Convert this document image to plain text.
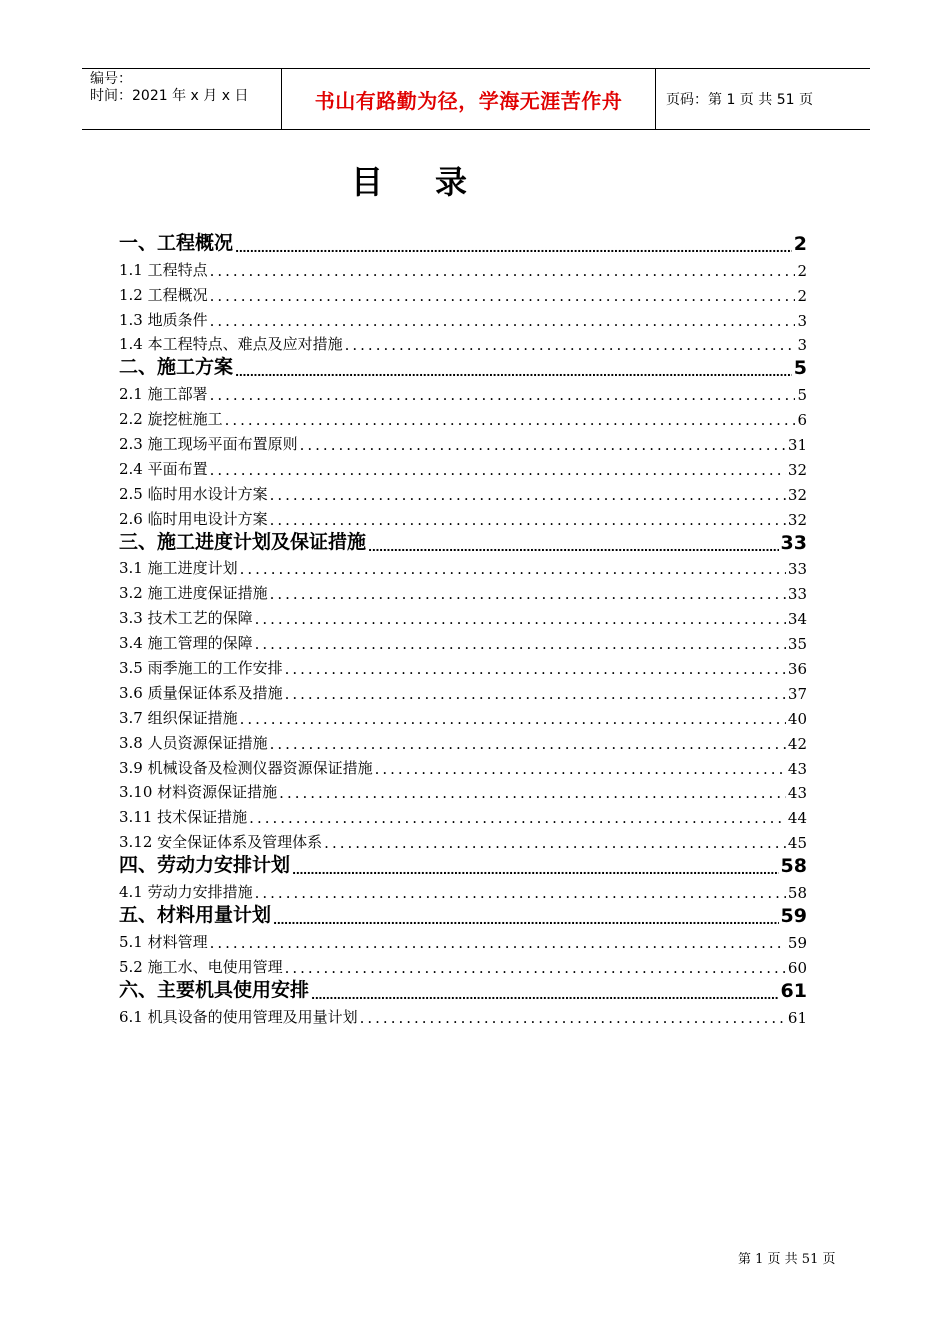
编号：
时间：2021 年 x 月 x 日	书山有路勤为径，学海无涯苦作舟	页码：第 1 页 共 51 页
目录
一、工程概况 .....	2
1.1 工程特点 .....	2
1.2 工程概况 .....	2
1.3 地质条件 .....	3
1.4 本工程特点、难点及应对措施 .....	3
二、施工方案 .....	5
2.1 施工部署 .....	5
2.2 旋挖桩施工 .....	6
2.3 施工现场平面布置原则 .....	31
2.4 平面布置 .....	32
2.5 临时用水设计方案 .....	32
2.6 临时用电设计方案 .....	32
三、施工进度计划及保证措施 .....	33
3.1 施工进度计划 .....	33
3.2 施工进度保证措施 .....	33
3.3 技术工艺的保障 .....	34
3.4 施工管理的保障 .....	35
3.5 雨季施工的工作安排 .....	36
3.6 质量保证体系及措施 .....	37
3.7 组织保证措施 .....	40
3.8 人员资源保证措施 .....	42
3.9 机械设备及检测仪器资源保证措施 .....	43
3.10 材料资源保证措施 .....	43
3.11 技术保证措施 .....	44
3.12 安全保证体系及管理体系 .....	45
四、劳动力安排计划 .....	58
4.1 劳动力安排措施 .....	58
五、材料用量计划 .....	59
5.1 材料管理 .....	59
5.2 施工水、电使用管理 .....	60
六、主要机具使用安排 .....	61
6.1 机具设备的使用管理及用量计划 .....	61
第 1 页 共 51 页
